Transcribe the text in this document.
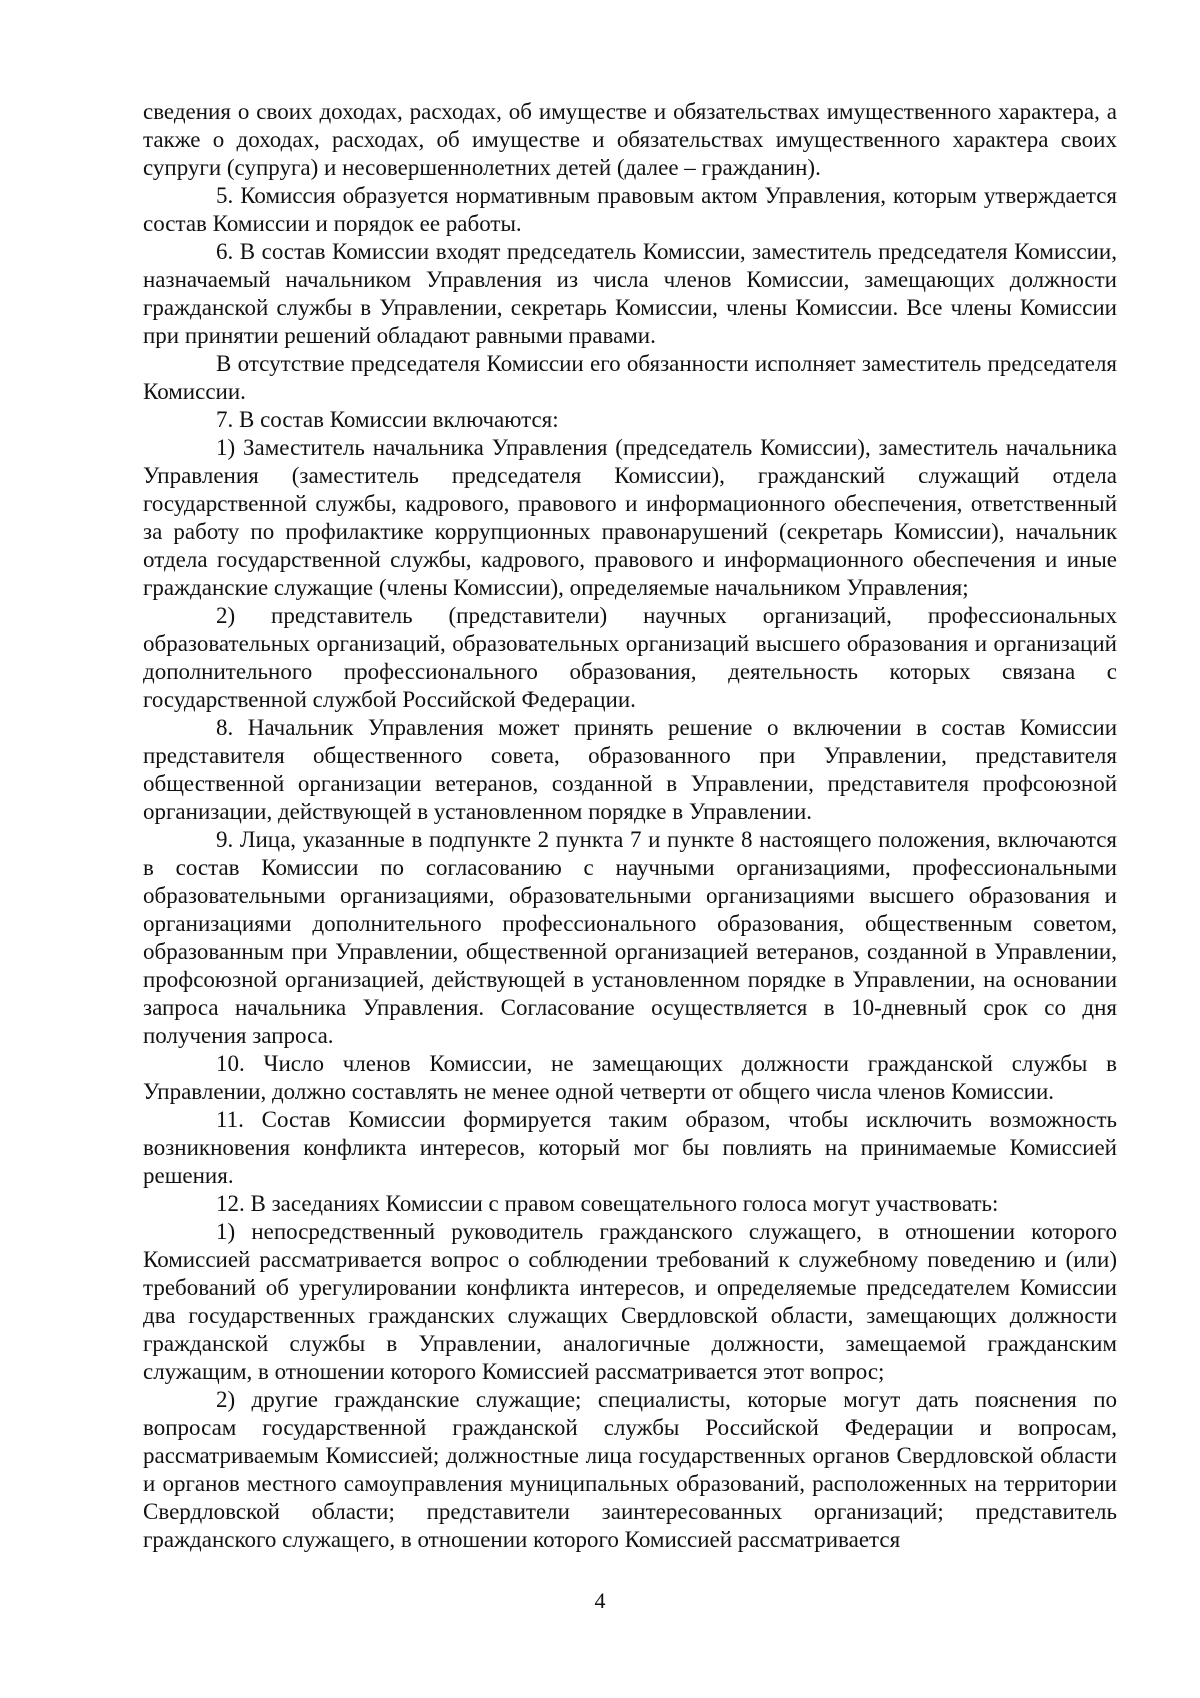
сведения о своих доходах, расходах, об имуществе и обязательствах имущественного характера, а также о доходах, расходах, об имуществе и обязательствах имущественного характера своих супруги (супруга) и несовершеннолетних детей (далее – гражданин).

5. Комиссия образуется нормативным правовым актом Управления, которым утверждается состав Комиссии и порядок ее работы.

6. В состав Комиссии входят председатель Комиссии, заместитель председателя Комиссии, назначаемый начальником Управления из числа членов Комиссии, замещающих должности гражданской службы в Управлении, секретарь Комиссии, члены Комиссии. Все члены Комиссии при принятии решений обладают равными правами.

В отсутствие председателя Комиссии его обязанности исполняет заместитель председателя Комиссии.

7. В состав Комиссии включаются:

1) Заместитель начальника Управления (председатель Комиссии), заместитель начальника Управления (заместитель председателя Комиссии), гражданский служащий отдела государственной службы, кадрового, правового и информационного обеспечения, ответственный за работу по профилактике коррупционных правонарушений (секретарь Комиссии), начальник отдела государственной службы, кадрового, правового и информационного обеспечения и иные гражданские служащие (члены Комиссии), определяемые начальником Управления;

2) представитель (представители) научных организаций, профессиональных образовательных организаций, образовательных организаций высшего образования и организаций дополнительного профессионального образования, деятельность которых связана с государственной службой Российской Федерации.

8. Начальник Управления может принять решение о включении в состав Комиссии представителя общественного совета, образованного при Управлении, представителя общественной организации ветеранов, созданной в Управлении, представителя профсоюзной организации, действующей в установленном порядке в Управлении.

9. Лица, указанные в подпункте 2 пункта 7 и пункте 8 настоящего положения, включаются в состав Комиссии по согласованию с научными организациями, профессиональными образовательными организациями, образовательными организациями высшего образования и организациями дополнительного профессионального образования, общественным советом, образованным при Управлении, общественной организацией ветеранов, созданной в Управлении, профсоюзной организацией, действующей в установленном порядке в Управлении, на основании запроса начальника Управления. Согласование осуществляется в 10-дневный срок со дня получения запроса.

10. Число членов Комиссии, не замещающих должности гражданской службы в Управлении, должно составлять не менее одной четверти от общего числа членов Комиссии.

11. Состав Комиссии формируется таким образом, чтобы исключить возможность возникновения конфликта интересов, который мог бы повлиять на принимаемые Комиссией решения.

12. В заседаниях Комиссии с правом совещательного голоса могут участвовать:

1) непосредственный руководитель гражданского служащего, в отношении которого Комиссией рассматривается вопрос о соблюдении требований к служебному поведению и (или) требований об урегулировании конфликта интересов, и определяемые председателем Комиссии два государственных гражданских служащих Свердловской области, замещающих должности гражданской службы в Управлении, аналогичные должности, замещаемой гражданским служащим, в отношении которого Комиссией рассматривается этот вопрос;

2) другие гражданские служащие; специалисты, которые могут дать пояснения по вопросам государственной гражданской службы Российской Федерации и вопросам, рассматриваемым Комиссией; должностные лица государственных органов Свердловской области и органов местного самоуправления муниципальных образований, расположенных на территории Свердловской области; представители заинтересованных организаций; представитель гражданского служащего, в отношении которого Комиссией рассматривается

4
